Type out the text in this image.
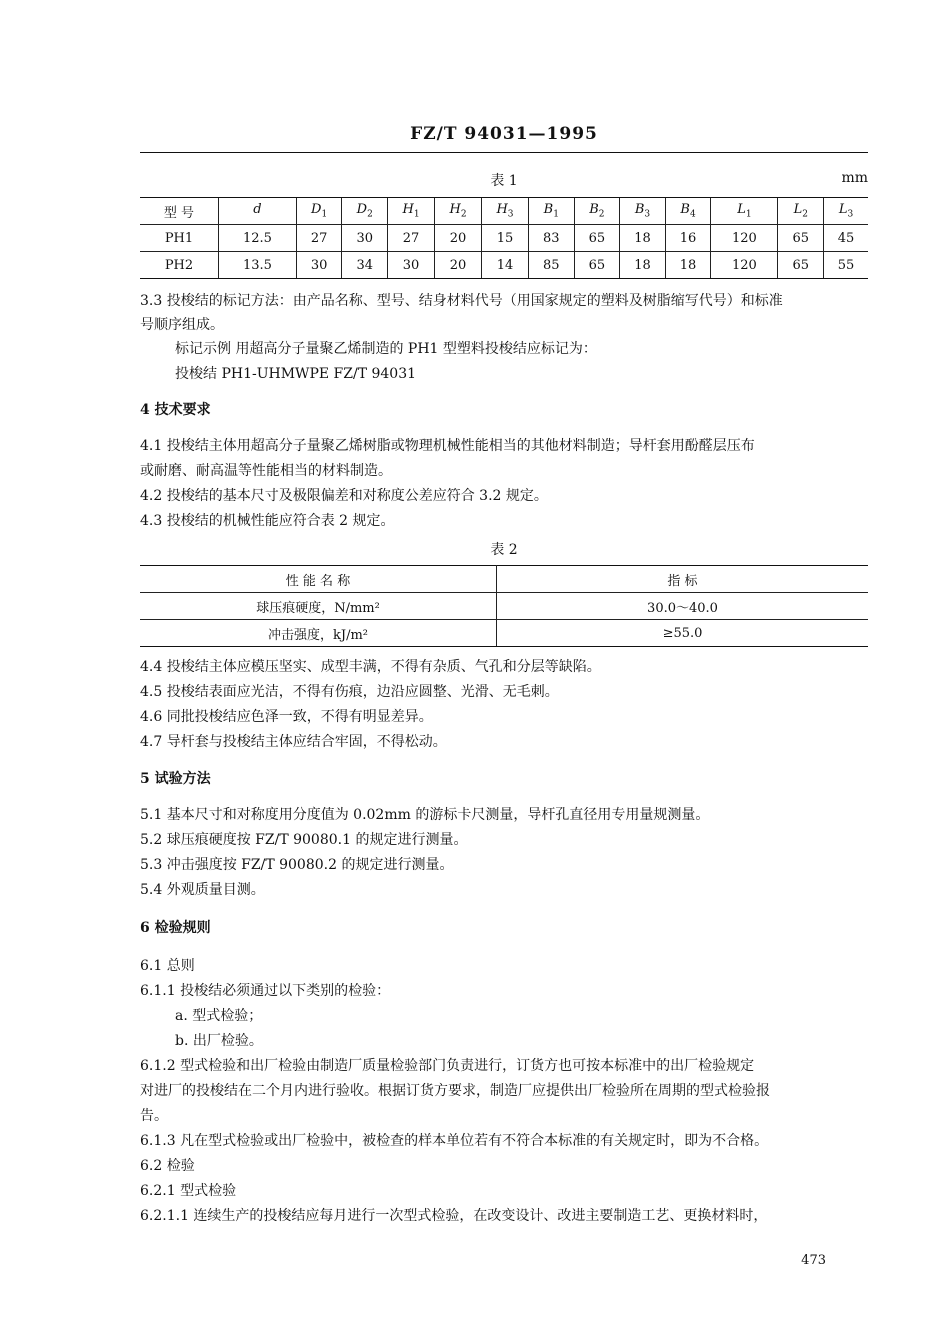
FZ/T 94031—1995
表 1	mm
型 号	d	$D_1$	$D_2$	$H_1$	$H_2$	$H_3$	$B_1$	$B_2$	$B_3$	$B_4$	$L_1$	$L_2$	$L_3$
PH1	12.5	27	30	27	20	15	83	65	18	16	120	65	45
PH2	13.5	30	34	30	20	14	85	65	18	18	120	65	55
3.3 投梭结的标记方法：由产品名称、型号、结身材料代号（用国家规定的塑料及树脂缩写代号）和标准
号顺序组成。
标记示例 用超高分子量聚乙烯制造的 PH1 型塑料投梭结应标记为：
投梭结 PH1-UHMWPE FZ/T 94031
4 技术要求
4.1 投梭结主体用超高分子量聚乙烯树脂或物理机械性能相当的其他材料制造；导杆套用酚醛层压布
或耐磨、耐高温等性能相当的材料制造。
4.2 投梭结的基本尺寸及极限偏差和对称度公差应符合 3.2 规定。
4.3 投梭结的机械性能应符合表 2 规定。
表 2
性 能 名 称	指 标
球压痕硬度，N/mm²	30.0～40.0
冲击强度，kJ/m²	≥55.0
4.4 投梭结主体应模压坚实、成型丰满，不得有杂质、气孔和分层等缺陷。
4.5 投梭结表面应光洁，不得有伤痕，边沿应圆整、光滑、无毛刺。
4.6 同批投梭结应色泽一致，不得有明显差异。
4.7 导杆套与投梭结主体应结合牢固，不得松动。
5 试验方法
5.1 基本尺寸和对称度用分度值为 0.02mm 的游标卡尺测量，导杆孔直径用专用量规测量。
5.2 球压痕硬度按 FZ/T 90080.1 的规定进行测量。
5.3 冲击强度按 FZ/T 90080.2 的规定进行测量。
5.4 外观质量目测。
6 检验规则
6.1 总则
6.1.1 投梭结必须通过以下类别的检验：
a. 型式检验；
b. 出厂检验。
6.1.2 型式检验和出厂检验由制造厂质量检验部门负责进行，订货方也可按本标准中的出厂检验规定
对进厂的投梭结在二个月内进行验收。根据订货方要求，制造厂应提供出厂检验所在周期的型式检验报
告。
6.1.3 凡在型式检验或出厂检验中，被检查的样本单位若有不符合本标准的有关规定时，即为不合格。
6.2 检验
6.2.1 型式检验
6.2.1.1 连续生产的投梭结应每月进行一次型式检验，在改变设计、改进主要制造工艺、更换材料时，
473
